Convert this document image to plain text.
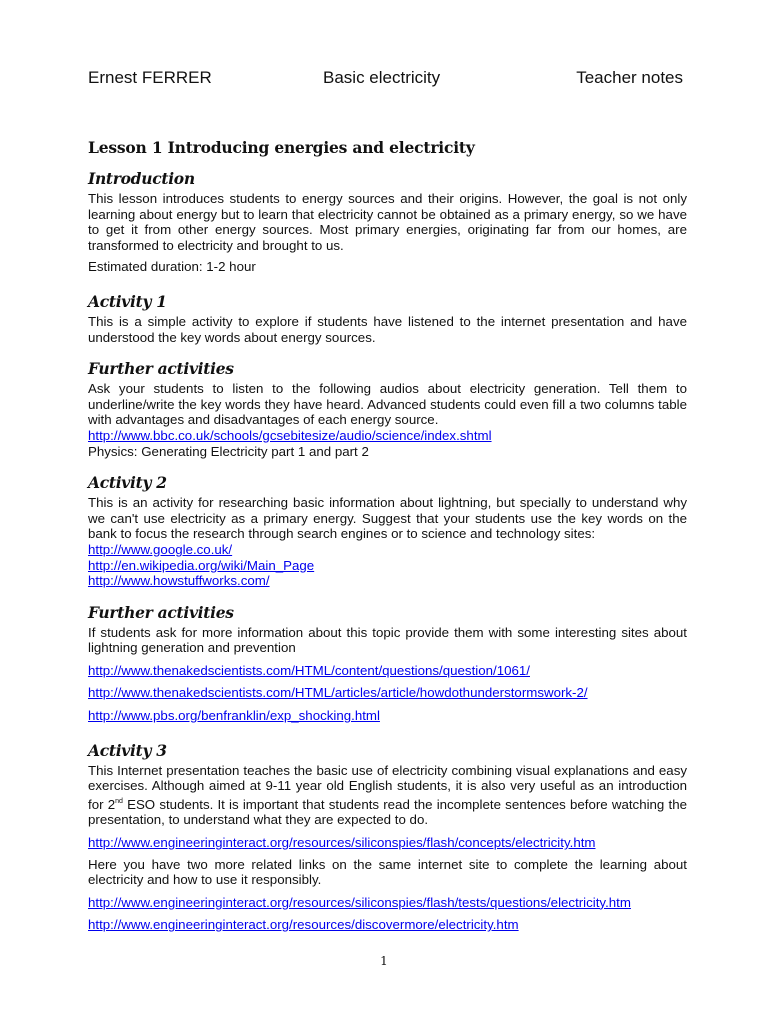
Ernest FERRER	Basic electricity	Teacher notes
Lesson 1 Introducing energies and electricity
Introduction

This lesson introduces students to energy sources and their origins. However, the goal is not only learning about energy but to learn that electricity cannot be obtained as a primary energy, so we have to get it from other energy sources. Most primary energies, originating far from our homes, are transformed to electricity and brought to us.

Estimated duration: 1-2 hour

Activity 1

This is a simple activity to explore if students have listened to the internet presentation and have understood the key words about energy sources.

Further activities

Ask your students to listen to the following audios about electricity generation. Tell them to underline/write the key words they have heard. Advanced students could even fill a two columns table with advantages and disadvantages of each energy source.

http://www.bbc.co.uk/schools/gcsebitesize/audio/science/index.shtml

Physics: Generating Electricity part 1 and part 2

Activity 2

This is an activity for researching basic information about lightning, but specially to understand why we can't use electricity as a primary energy. Suggest that your students use the key words on the bank to focus the research through search engines or to science and technology sites:

http://www.google.co.uk/
http://en.wikipedia.org/wiki/Main_Page
http://www.howstuffworks.com/
Further activities

If students ask for more information about this topic provide them with some interesting sites about lightning generation and prevention

http://www.thenakedscientists.com/HTML/content/questions/question/1061/
http://www.thenakedscientists.com/HTML/articles/article/howdothunderstormswork-2/
http://www.pbs.org/benfranklin/exp_shocking.html
Activity 3

This Internet presentation teaches the basic use of electricity combining visual explanations and easy exercises. Although aimed at 9-11 year old English students, it is also very useful as an introduction for 2nd ESO students. It is important that students read the incomplete sentences before watching the presentation, to understand what they are expected to do.

http://www.engineeringinteract.org/resources/siliconspies/flash/concepts/electricity.htm

Here you have two more related links on the same internet site to complete the learning about electricity and how to use it responsibly.

http://www.engineeringinteract.org/resources/siliconspies/flash/tests/questions/electricity.htm
http://www.engineeringinteract.org/resources/discovermore/electricity.htm
1
